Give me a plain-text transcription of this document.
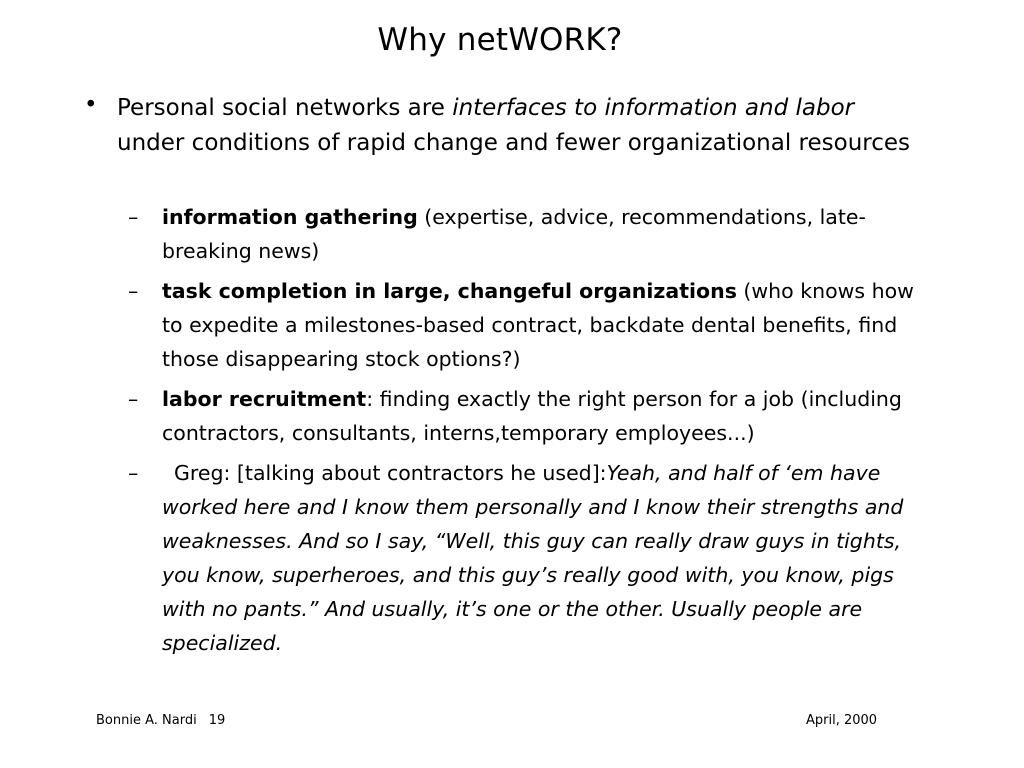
Why netWORK?
• Personal social networks are interfaces to information and labor under conditions of rapid change and fewer organizational resources
– information gathering (expertise, advice, recommendations, late-breaking news)
– task completion in large, changeful organizations (who knows how to expedite a milestones-based contract, backdate dental benefits, find those disappearing stock options?)
– labor recruitment: finding exactly the right person for a job (including contractors, consultants, interns,temporary employees...)
– Greg: [talking about contractors he used]:Yeah, and half of ‘em have worked here and I know them personally and I know their strengths and weaknesses. And so I say, “Well, this guy can really draw guys in tights, you know, superheroes, and this guy’s really good with, you know, pigs with no pants.” And usually, it’s one or the other. Usually people are specialized.
Bonnie A. Nardi 19	April, 2000
